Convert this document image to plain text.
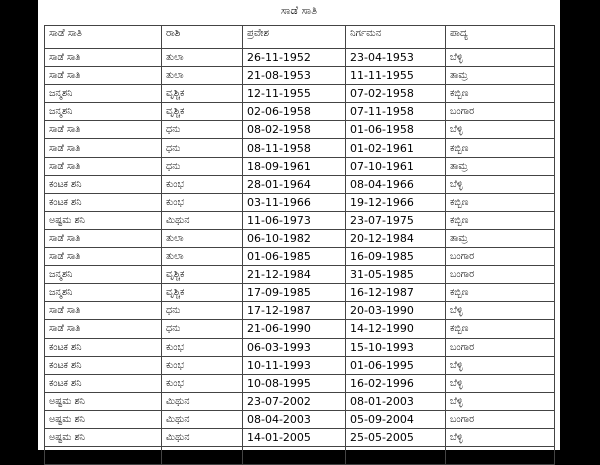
ಸಾಡೆ ಸಾತಿ
ಸಾಡೆ ಸಾತಿ	ರಾಶಿ	ಪ್ರವೇಶ	ನಿರ್ಗಮನ	ಪಾದ್ಯ
ಸಾಡೆ ಸಾತಿ	ತುಲಾ	26-11-1952	23-04-1953	ಬೆಳ್ಳಿ
ಸಾಡೆ ಸಾತಿ	ತುಲಾ	21-08-1953	11-11-1955	ತಾಮ್ರ
ಜನ್ಮಶನಿ	ವೃಶ್ಚಿಕ	12-11-1955	07-02-1958	ಕಬ್ಬಿಣ
ಜನ್ಮಶನಿ	ವೃಶ್ಚಿಕ	02-06-1958	07-11-1958	ಬಂಗಾರ
ಸಾಡೆ ಸಾತಿ	ಧನು	08-02-1958	01-06-1958	ಬೆಳ್ಳಿ
ಸಾಡೆ ಸಾತಿ	ಧನು	08-11-1958	01-02-1961	ಕಬ್ಬಿಣ
ಸಾಡೆ ಸಾತಿ	ಧನು	18-09-1961	07-10-1961	ತಾಮ್ರ
ಕಂಟಕ ಶನಿ	ಕುಂಭ	28-01-1964	08-04-1966	ಬೆಳ್ಳಿ
ಕಂಟಕ ಶನಿ	ಕುಂಭ	03-11-1966	19-12-1966	ಕಬ್ಬಿಣ
ಅಷ್ಟಮ ಶನಿ	ಮಿಥುನ	11-06-1973	23-07-1975	ಕಬ್ಬಿಣ
ಸಾಡೆ ಸಾತಿ	ತುಲಾ	06-10-1982	20-12-1984	ತಾಮ್ರ
ಸಾಡೆ ಸಾತಿ	ತುಲಾ	01-06-1985	16-09-1985	ಬಂಗಾರ
ಜನ್ಮಶನಿ	ವೃಶ್ಚಿಕ	21-12-1984	31-05-1985	ಬಂಗಾರ
ಜನ್ಮಶನಿ	ವೃಶ್ಚಿಕ	17-09-1985	16-12-1987	ಕಬ್ಬಿಣ
ಸಾಡೆ ಸಾತಿ	ಧನು	17-12-1987	20-03-1990	ಬೆಳ್ಳಿ
ಸಾಡೆ ಸಾತಿ	ಧನು	21-06-1990	14-12-1990	ಕಬ್ಬಿಣ
ಕಂಟಕ ಶನಿ	ಕುಂಭ	06-03-1993	15-10-1993	ಬಂಗಾರ
ಕಂಟಕ ಶನಿ	ಕುಂಭ	10-11-1993	01-06-1995	ಬೆಳ್ಳಿ
ಕಂಟಕ ಶನಿ	ಕುಂಭ	10-08-1995	16-02-1996	ಬೆಳ್ಳಿ
ಅಷ್ಟಮ ಶನಿ	ಮಿಥುನ	23-07-2002	08-01-2003	ಬೆಳ್ಳಿ
ಅಷ್ಟಮ ಶನಿ	ಮಿಥುನ	08-04-2003	05-09-2004	ಬಂಗಾರ
ಅಷ್ಟಮ ಶನಿ	ಮಿಥುನ	14-01-2005	25-05-2005	ಬೆಳ್ಳಿ
ಸಾಡೆ ಸಾತಿ	ತುಲಾ	15-11-2011	15-05-2012	ಕಬ್ಬಿಣ
